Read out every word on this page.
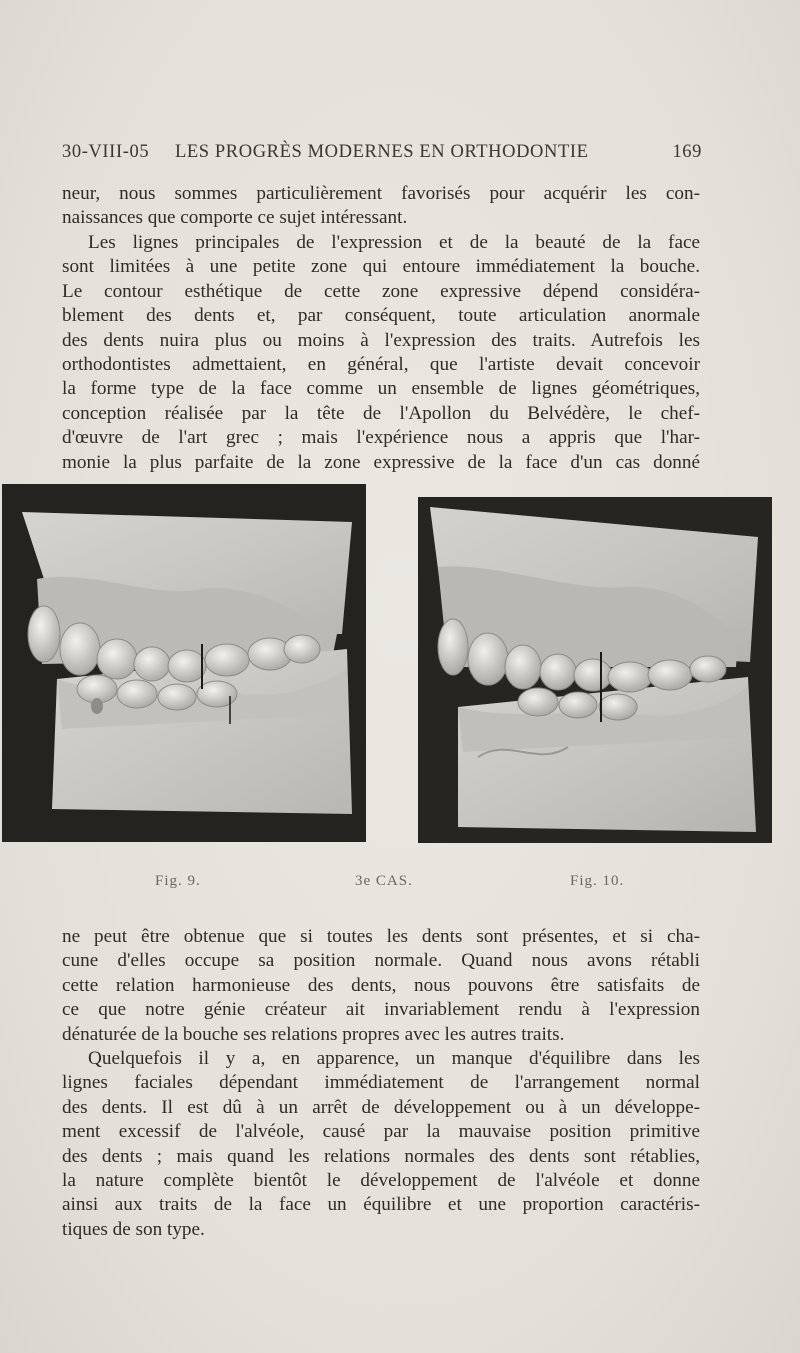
30-VIII-05 LES PROGRÈS MODERNES EN ORTHODONTIE	169

neur, nous sommes particulièrement favorisés pour acquérir les con-
naissances que comporte ce sujet intéressant.

Les lignes principales de l'expression et de la beauté de la face
sont limitées à une petite zone qui entoure immédiatement la bouche.
Le contour esthétique de cette zone expressive dépend considéra-
blement des dents et, par conséquent, toute articulation anormale
des dents nuira plus ou moins à l'expression des traits. Autrefois les
orthodontistes admettaient, en général, que l'artiste devait concevoir
la forme type de la face comme un ensemble de lignes géométriques,
conception réalisée par la tête de l'Apollon du Belvédère, le chef-
d'œuvre de l'art grec ; mais l'expérience nous a appris que l'har-
monie la plus parfaite de la zone expressive de la face d'un cas donné

Fig. 9.	3e CAS.	Fig. 10.

ne peut être obtenue que si toutes les dents sont présentes, et si cha-
cune d'elles occupe sa position normale. Quand nous avons rétabli
cette relation harmonieuse des dents, nous pouvons être satisfaits de
ce que notre génie créateur ait invariablement rendu à l'expression
dénaturée de la bouche ses relations propres avec les autres traits.

Quelquefois il y a, en apparence, un manque d'équilibre dans les
lignes faciales dépendant immédiatement de l'arrangement normal
des dents. Il est dû à un arrêt de développement ou à un développe-
ment excessif de l'alvéole, causé par la mauvaise position primitive
des dents ; mais quand les relations normales des dents sont rétablies,
la nature complète bientôt le développement de l'alvéole et donne
ainsi aux traits de la face un équilibre et une proportion caractéris-
tiques de son type.
